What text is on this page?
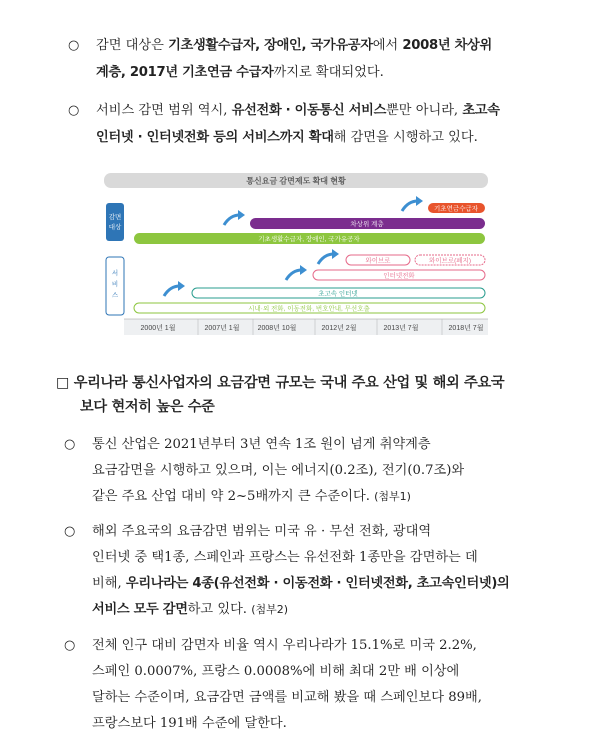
○	감면 대상은 기초생활수급자, 장애인, 국가유공자에서 2008년 차상위
계층, 2017년 기초연금 수급자까지로 확대되었다.
○	서비스 감면 범위 역시, 유선전화 · 이동통신 서비스뿐만 아니라, 초고속
인터넷 · 인터넷전화 등의 서비스까지 확대해 감면을 시행하고 있다.
통신요금 감면제도 확대 현황
감면
대상
기초연금수급자
차상위 계층
기초생활수급자, 장애인, 국가유공자
서
비
스
와이브로	와이브로(폐지)
인터넷전화
초고속 인터넷
시내·외 전화, 이동전화, 번호안내, 무선호출
2000년 1월	2007년 1월	2008년 10월	2012년 2월	2013년 7월	2018년 7월
□ 우리나라 통신사업자의 요금감면 규모는 국내 주요 산업 및 해외 주요국
보다 현저히 높은 수준
○	통신 산업은 2021년부터 3년 연속 1조 원이 넘게 취약계층
요금감면을 시행하고 있으며, 이는 에너지(0.2조), 전기(0.7조)와
같은 주요 산업 대비 약 2~5배까지 큰 수준이다. (첨부1)
○	해외 주요국의 요금감면 범위는 미국 유 · 무선 전화, 광대역
인터넷 중 택1종, 스페인과 프랑스는 유선전화 1종만을 감면하는 데
비해, 우리나라는 4종(유선전화 · 이동전화 · 인터넷전화, 초고속인터넷)의
서비스 모두 감면하고 있다. (첨부2)
○	전체 인구 대비 감면자 비율 역시 우리나라가 15.1%로 미국 2.2%,
스페인 0.0007%, 프랑스 0.0008%에 비해 최대 2만 배 이상에
달하는 수준이며, 요금감면 금액를 비교해 봤을 때 스페인보다 89배,
프랑스보다 191배 수준에 달한다.
